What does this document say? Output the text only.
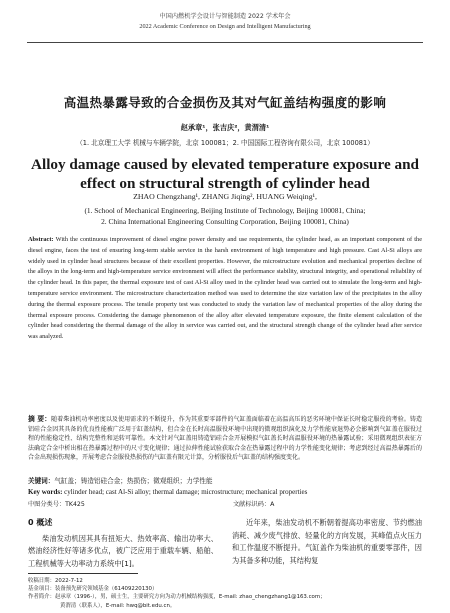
中国内燃机学会设计与智能制造 2022 学术年会
2022 Academic Conference on Design and Intelligent Manufacturing
高温热暴露导致的合金损伤及其对气缸盖结构强度的影响
赵承章¹，张吉庆²，黄渭清¹
（1. 北京理工大学 机械与车辆学院，北京 100081；2. 中国国际工程咨询有限公司，北京 100081）
Alloy damage caused by elevated temperature exposure and effect on structural strength of cylinder head
ZHAO Chengzhang¹, ZHANG Jiqing², HUANG Weiqing¹,
(1. School of Mechanical Engineering, Beijing Institute of Technology, Beijing 100081, China;
2. China International Engineering Consulting Corporation, Beijing 100081, China)
Abstract: With the continuous improvement of diesel engine power density and use requirements, the cylinder head, as an important component of the diesel engine, faces the test of ensuring long-term stable service in the harsh environment of high temperature and high pressure. Cast Al-Si alloys are widely used in cylinder head structures because of their excellent properties. However, the microstructure evolution and mechanical properties decline of the alloys in the long-term and high-temperature service environment will affect the performance stability, structural integrity, and operational reliability of the cylinder head. In this paper, the thermal exposure test of cast Al-Si alloy used in the cylinder head was carried out to simulate the long-term and high-temperature service environment. The microstructure characterization method was used to determine the size variation law of the precipitates in the alloy during the thermal exposure process. The tensile property test was conducted to study the variation law of mechanical properties of the alloy during the thermal exposure process. Considering the damage phenomenon of the alloy after elevated temperature exposure, the finite element calculation of the cylinder head considering the thermal damage of the alloy in service was carried out, and the structural strength change of the cylinder head after service was analyzed.
摘 要：随着柴油机功率密度以及使用需求的不断提升，作为其重要零部件的气缸盖面临着在高温高压的恶劣环境中保证长时稳定服役的考验。铸造铝硅合金因其具备的优良性能被广泛用于缸盖结构，但合金在长时高温服役环境中出现的微观组织演化及力学性能衰退势必会影响到气缸盖在服役过程的性能稳定性、结构完整性和运转可靠性。本文针对气缸盖用铸造铝硅合金开展模拟气缸盖长时高温服役环境的热暴露试验；采用微观组织表征方法确定合金中析出相在热暴露过程中的尺寸变化规律；通过拉伸性能试验获取合金在热暴露过程中的力学性能变化规律；考虑到经过高温热暴露后的合金出现损伤现象，开展考虑合金服役热损伤的气缸盖有限元计算，分析服役后气缸盖的结构强度变化。
关键词：气缸盖；铸造铝硅合金；热损伤；微观组织；力学性能
Key words: cylinder head; cast Al-Si alloy; thermal damage; microstructure; mechanical properties
中图分类号：TK425	文献标识码：A
0 概述

柴油发动机因其具有扭矩大、热效率高、输出功率大、燃油经济性好等诸多优点，被广泛应用于重载车辆、船舶、工程机械等大功率动力系统中[1]。

近年来，柴油发动机不断朝着提高功率密度、节约燃油消耗、减少废气排放、轻量化的方向发展，其峰值点火压力和工作温度不断提升。气缸盖作为柴油机的重要零部件，因为其备多种功能，其结构复

收稿日期：2022-7-12
基金项目：装备预先研究领域基金（61409220130）
作者简介：赵承章（1996-），男，硕士生，主要研究方向为动力机械结构强度，E-mail: zhao_chengzhang1@163.com；
黄渭清（联系人），E-mail: hwq@bit.edu.cn。
